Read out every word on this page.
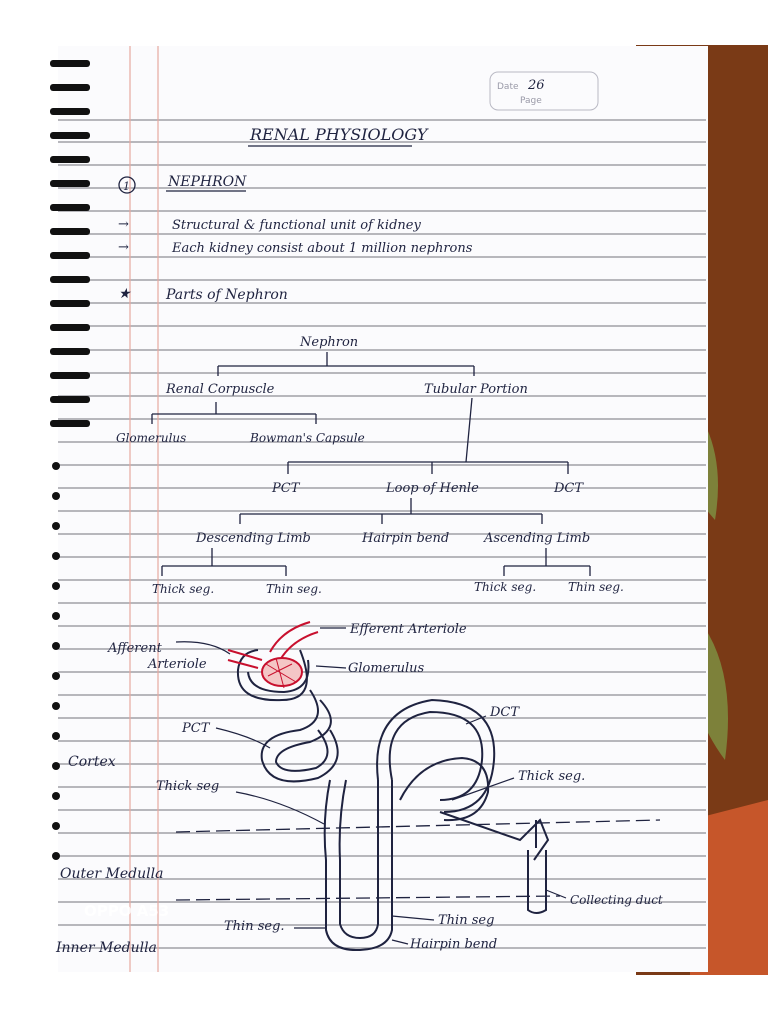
Date 26
Page
RENAL PHYSIOLOGY
1	NEPHRON
→	Structural & functional unit of kidney
→	Each kidney consist about 1 million nephrons
★	Parts of Nephron
Nephron
Renal Corpuscle	Tubular Portion
Glomerulus	Bowman's Capsule
PCT	Loop of Henle	DCT
Descending Limb	Hairpin bend	Ascending Limb
Thick seg.	Thin seg.	Thick seg.	Thin seg.
Afferent
Arteriole
Efferent Arteriole
Glomerulus
PCT
DCT
Cortex
Thick seg
Thick seg.
Outer Medulla
Collecting duct
Thin seg.	Thin seg
Hairpin bend
Inner Medulla
OPPO A53
